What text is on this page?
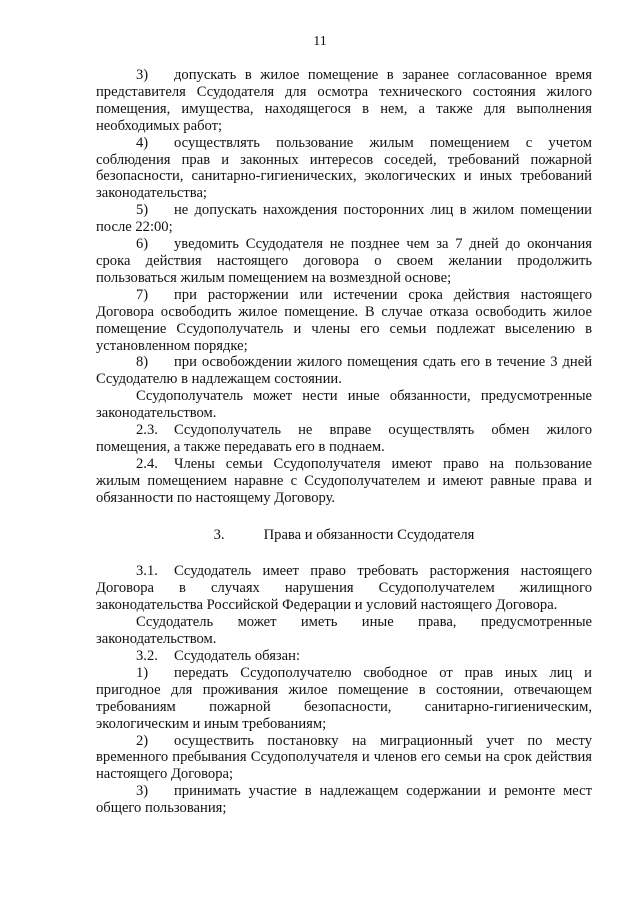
11

3) допускать в жилое помещение в заранее согласованное время представителя Ссудодателя для осмотра технического состояния жилого помещения, имущества, находящегося в нем, а также для выполнения необходимых работ;

4) осуществлять пользование жилым помещением с учетом соблюдения прав и законных интересов соседей, требований пожарной безопасности, санитарно-гигиенических, экологических и иных требований законодательства;

5) не допускать нахождения посторонних лиц в жилом помещении после 22:00;

6) уведомить Ссудодателя не позднее чем за 7 дней до окончания срока действия настоящего договора о своем желании продолжить пользоваться жилым помещением на возмездной основе;

7) при расторжении или истечении срока действия настоящего Договора освободить жилое помещение. В случае отказа освободить жилое помещение Ссудополучатель и члены его семьи подлежат выселению в установленном порядке;

8) при освобождении жилого помещения сдать его в течение 3 дней Ссудодателю в надлежащем состоянии.

Ссудополучатель может нести иные обязанности, предусмотренные законодательством.

2.3. Ссудополучатель не вправе осуществлять обмен жилого помещения, а также передавать его в поднаем.

2.4. Члены семьи Ссудополучателя имеют право на пользование жилым помещением наравне с Ссудополучателем и имеют равные права и обязанности по настоящему Договору.

3.	Права и обязанности Ссудодателя

3.1. Ссудодатель имеет право требовать расторжения настоящего Договора в случаях нарушения Ссудополучателем жилищного законодательства Российской Федерации и условий настоящего Договора.

Ссудодатель может иметь иные права, предусмотренные законодательством.

3.2. Ссудодатель обязан:

1) передать Ссудополучателю свободное от прав иных лиц и пригодное для проживания жилое помещение в состоянии, отвечающем требованиям пожарной безопасности, санитарно-гигиеническим, экологическим и иным требованиям;

2) осуществить постановку на миграционный учет по месту временного пребывания Ссудополучателя и членов его семьи на срок действия настоящего Договора;

3) принимать участие в надлежащем содержании и ремонте мест общего пользования;
